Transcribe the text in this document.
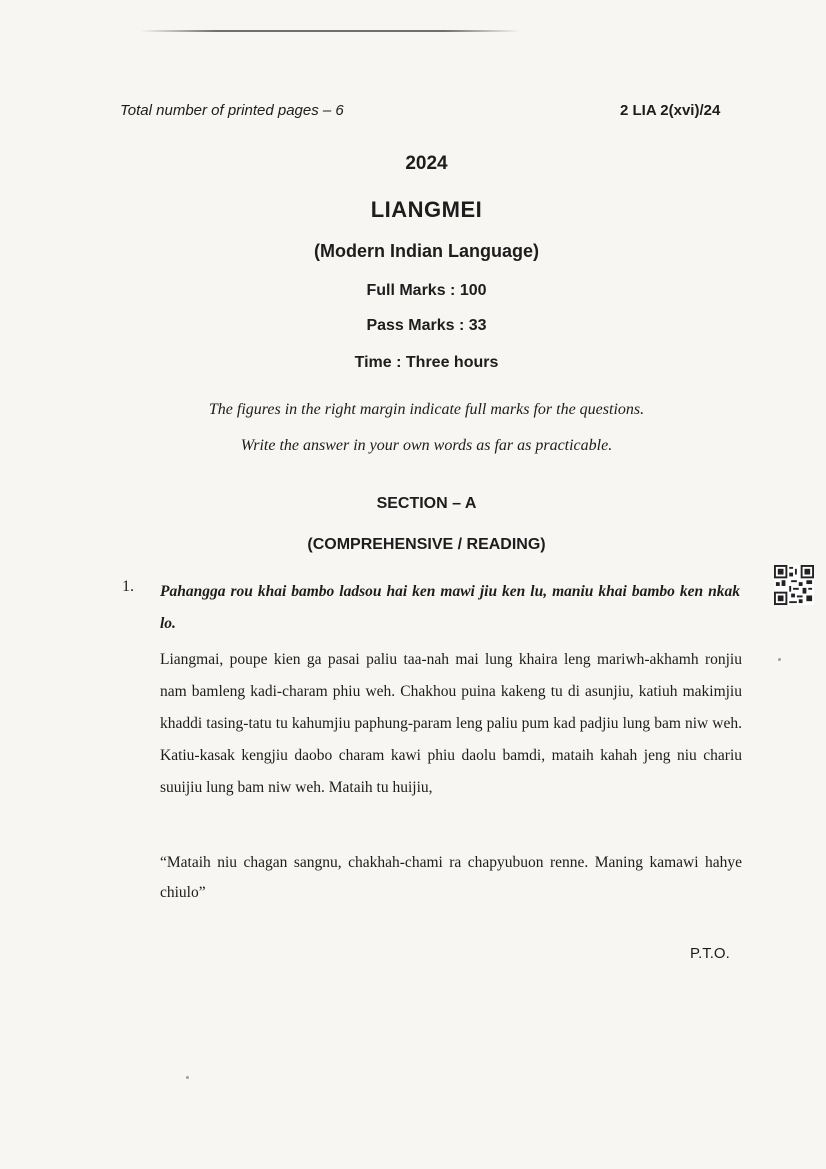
Total number of printed pages – 6	2 LIA 2(xvi)/24
2024
LIANGMEI
(Modern Indian Language)
Full Marks : 100
Pass Marks : 33
Time : Three hours
The figures in the right margin indicate full marks for the questions.
Write the answer in your own words as far as practicable.
SECTION – A
(COMPREHENSIVE / READING)
1. Pahangga rou khai bambo ladsou hai ken mawi jiu ken lu, maniu khai bambo ken nkak lo.
Liangmai, poupe kien ga pasai paliu taa-nah mai lung khaira leng mariwh-akhamh ronjiu nam bamleng kadi-charam phiu weh. Chakhou puina kakeng tu di asunjiu, katiuh makimjiu khaddi tasing-tatu tu kahumjiu paphung-param leng paliu pum kad padjiu lung bam niw weh. Katiu-kasak kengjiu daobo charam kawi phiu daolu bamdi, mataih kahah jeng niu chariu suuijiu lung bam niw weh. Mataih tu huijiu,
“Mataih niu chagan sangnu, chakhah-chami ra chapyubuon renne. Maning kamawi hahye chiulo”
P.T.O.
